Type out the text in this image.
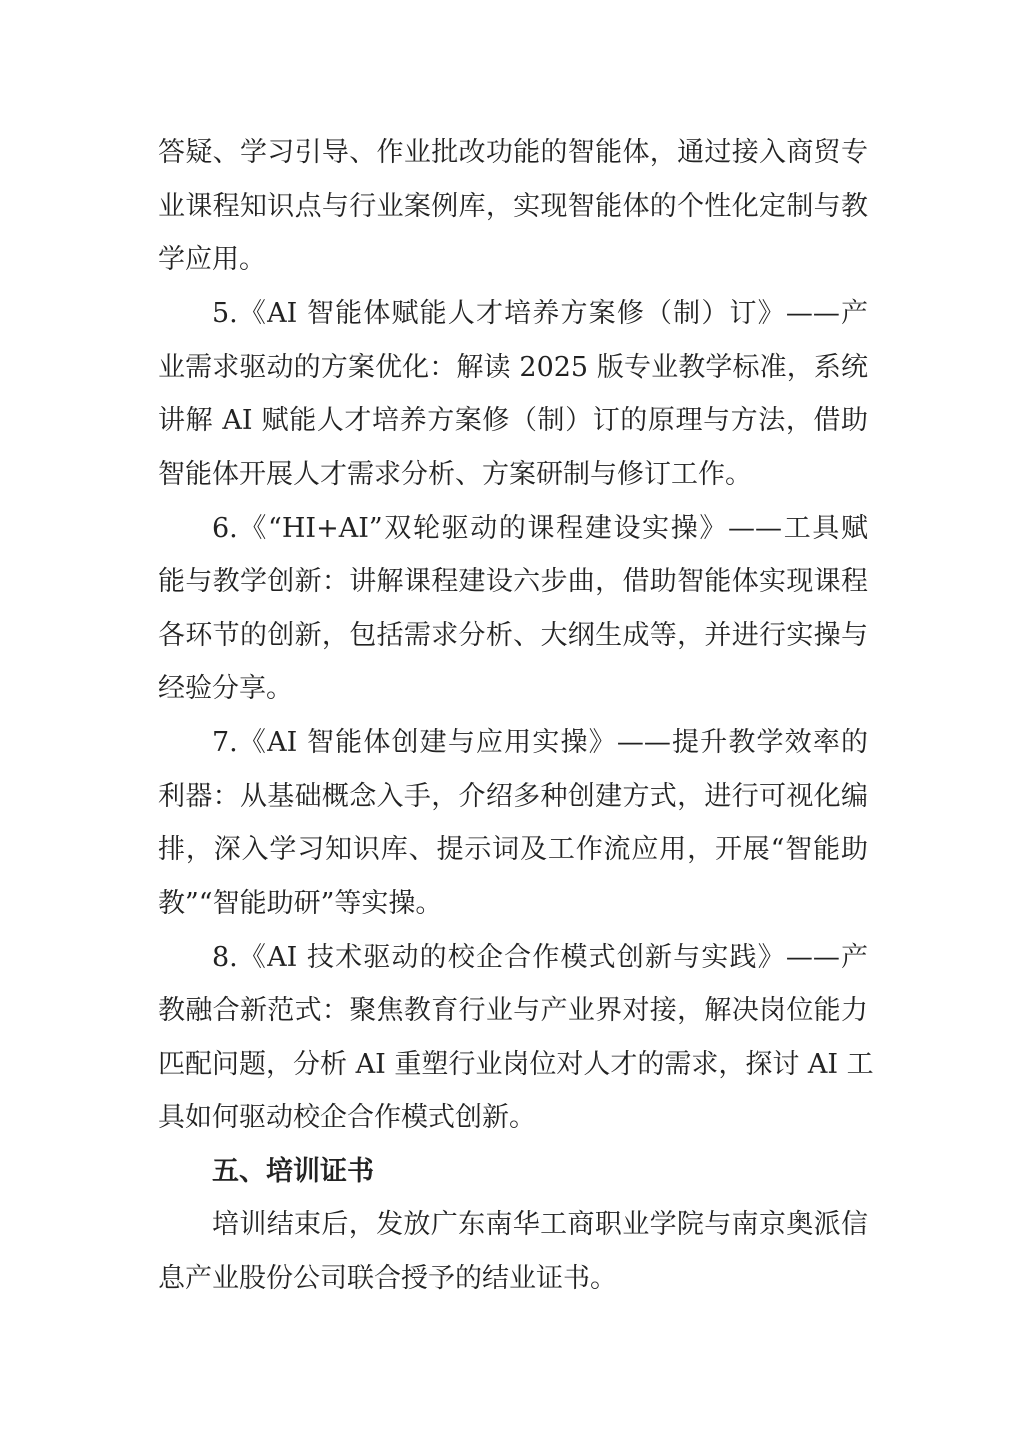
答疑、学习引导、作业批改功能的智能体，通过接入商贸专
业课程知识点与行业案例库，实现智能体的个性化定制与教
学应用。
5.《AI 智能体赋能人才培养方案修（制）订》——产
业需求驱动的方案优化：解读 2025 版专业教学标准，系统
讲解 AI 赋能人才培养方案修（制）订的原理与方法，借助
智能体开展人才需求分析、方案研制与修订工作。
6.《“HI+AI”双轮驱动的课程建设实操》——工具赋
能与教学创新：讲解课程建设六步曲，借助智能体实现课程
各环节的创新，包括需求分析、大纲生成等，并进行实操与
经验分享。
7.《AI 智能体创建与应用实操》——提升教学效率的
利器：从基础概念入手，介绍多种创建方式，进行可视化编
排，深入学习知识库、提示词及工作流应用，开展“智能助
教”“智能助研”等实操。
8.《AI 技术驱动的校企合作模式创新与实践》——产
教融合新范式：聚焦教育行业与产业界对接，解决岗位能力
匹配问题，分析 AI 重塑行业岗位对人才的需求，探讨 AI 工
具如何驱动校企合作模式创新。
五、培训证书
培训结束后，发放广东南华工商职业学院与南京奥派信
息产业股份公司联合授予的结业证书。
